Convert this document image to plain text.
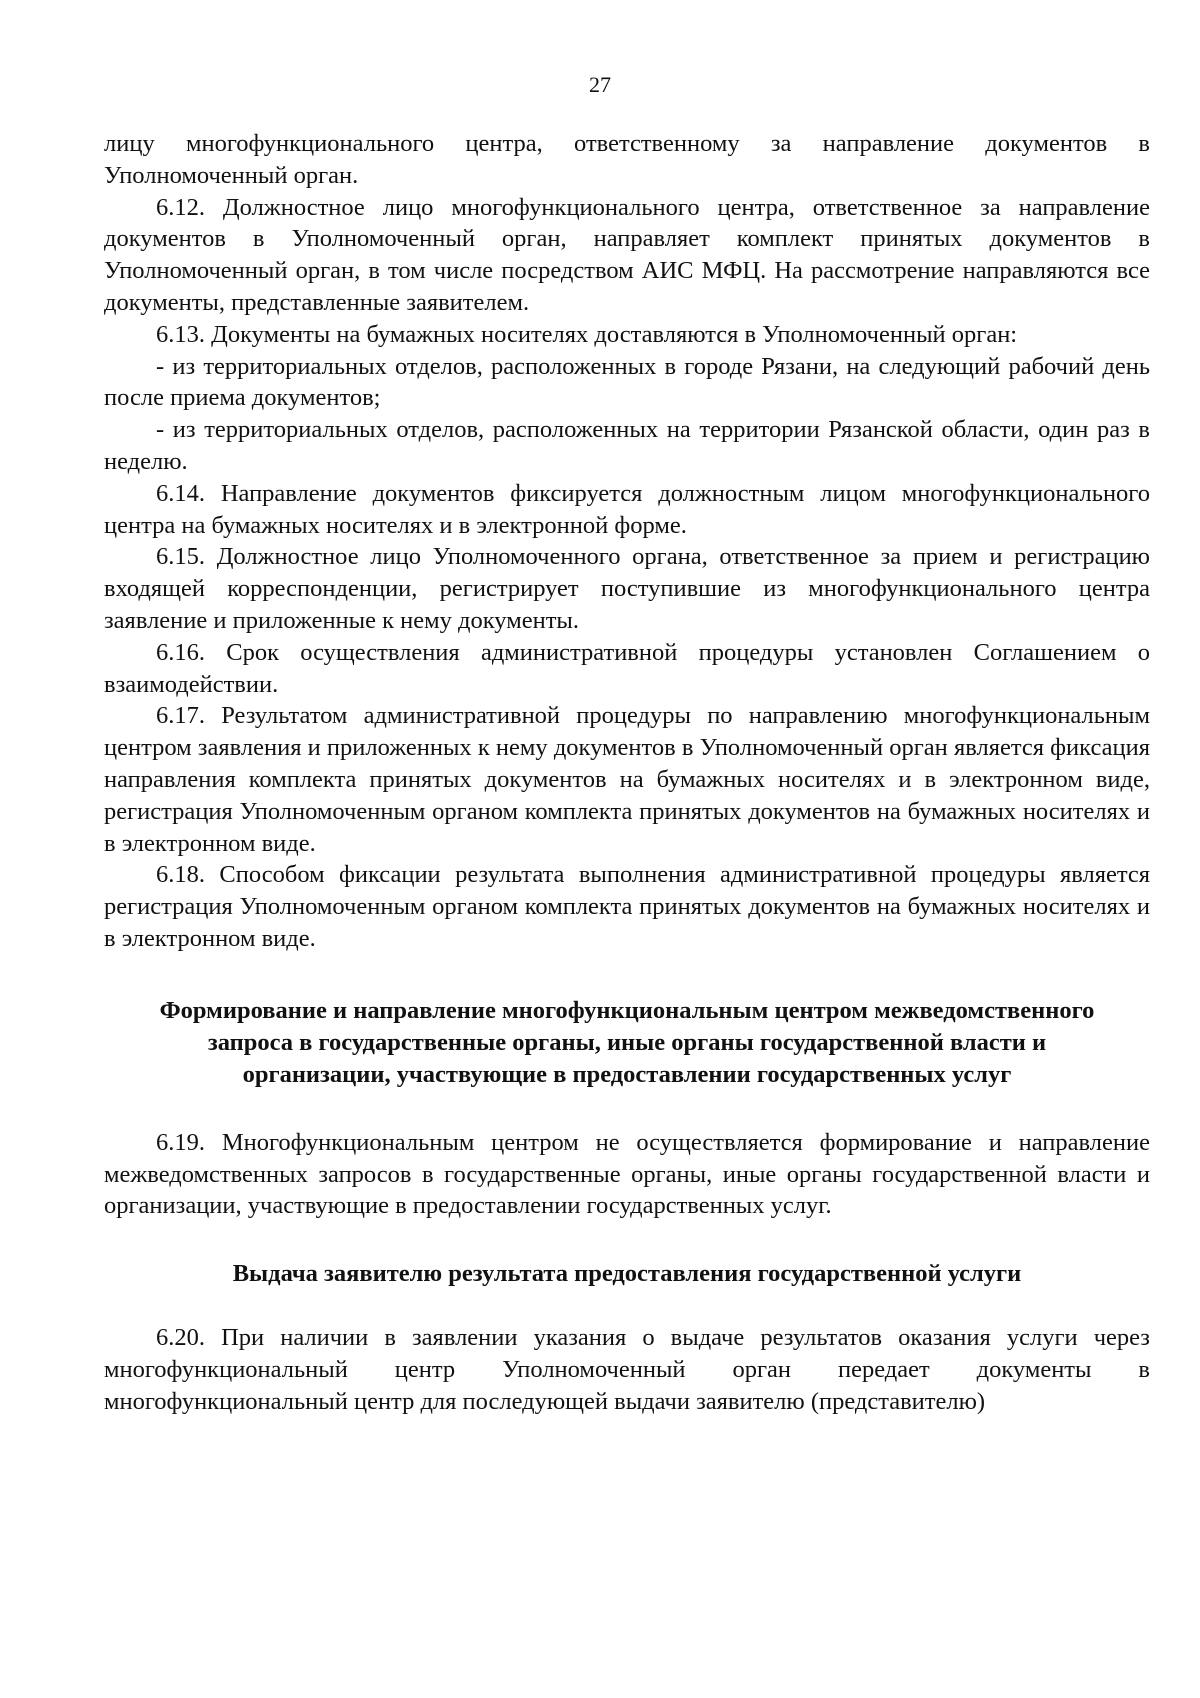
27

лицу многофункционального центра, ответственному за направление документов в Уполномоченный орган.

6.12. Должностное лицо многофункционального центра, ответственное за направление документов в Уполномоченный орган, направляет комплект принятых документов в Уполномоченный орган, в том числе посредством АИС МФЦ. На рассмотрение направляются все документы, представленные заявителем.

6.13. Документы на бумажных носителях доставляются в Уполномоченный орган:

- из территориальных отделов, расположенных в городе Рязани, на следующий рабочий день после приема документов;

- из территориальных отделов, расположенных на территории Рязанской области, один раз в неделю.

6.14. Направление документов фиксируется должностным лицом многофункционального центра на бумажных носителях и в электронной форме.

6.15. Должностное лицо Уполномоченного органа, ответственное за прием и регистрацию входящей корреспонденции, регистрирует поступившие из многофункционального центра заявление и приложенные к нему документы.

6.16. Срок осуществления административной процедуры установлен Соглашением о взаимодействии.

6.17. Результатом административной процедуры по направлению многофункциональным центром заявления и приложенных к нему документов в Уполномоченный орган является фиксация направления комплекта принятых документов на бумажных носителях и в электронном виде, регистрация Уполномоченным органом комплекта принятых документов на бумажных носителях и в электронном виде.

6.18. Способом фиксации результата выполнения административной процедуры является регистрация Уполномоченным органом комплекта принятых документов на бумажных носителях и в электронном виде.

Формирование и направление многофункциональным центром межведомственного запроса в государственные органы, иные органы государственной власти и организации, участвующие в предоставлении государственных услуг

6.19. Многофункциональным центром не осуществляется формирование и направление межведомственных запросов в государственные органы, иные органы государственной власти и организации, участвующие в предоставлении государственных услуг.

Выдача заявителю результата предоставления государственной услуги

6.20. При наличии в заявлении указания о выдаче результатов оказания услуги через многофункциональный центр Уполномоченный орган передает документы в многофункциональный центр для последующей выдачи заявителю (представителю)
